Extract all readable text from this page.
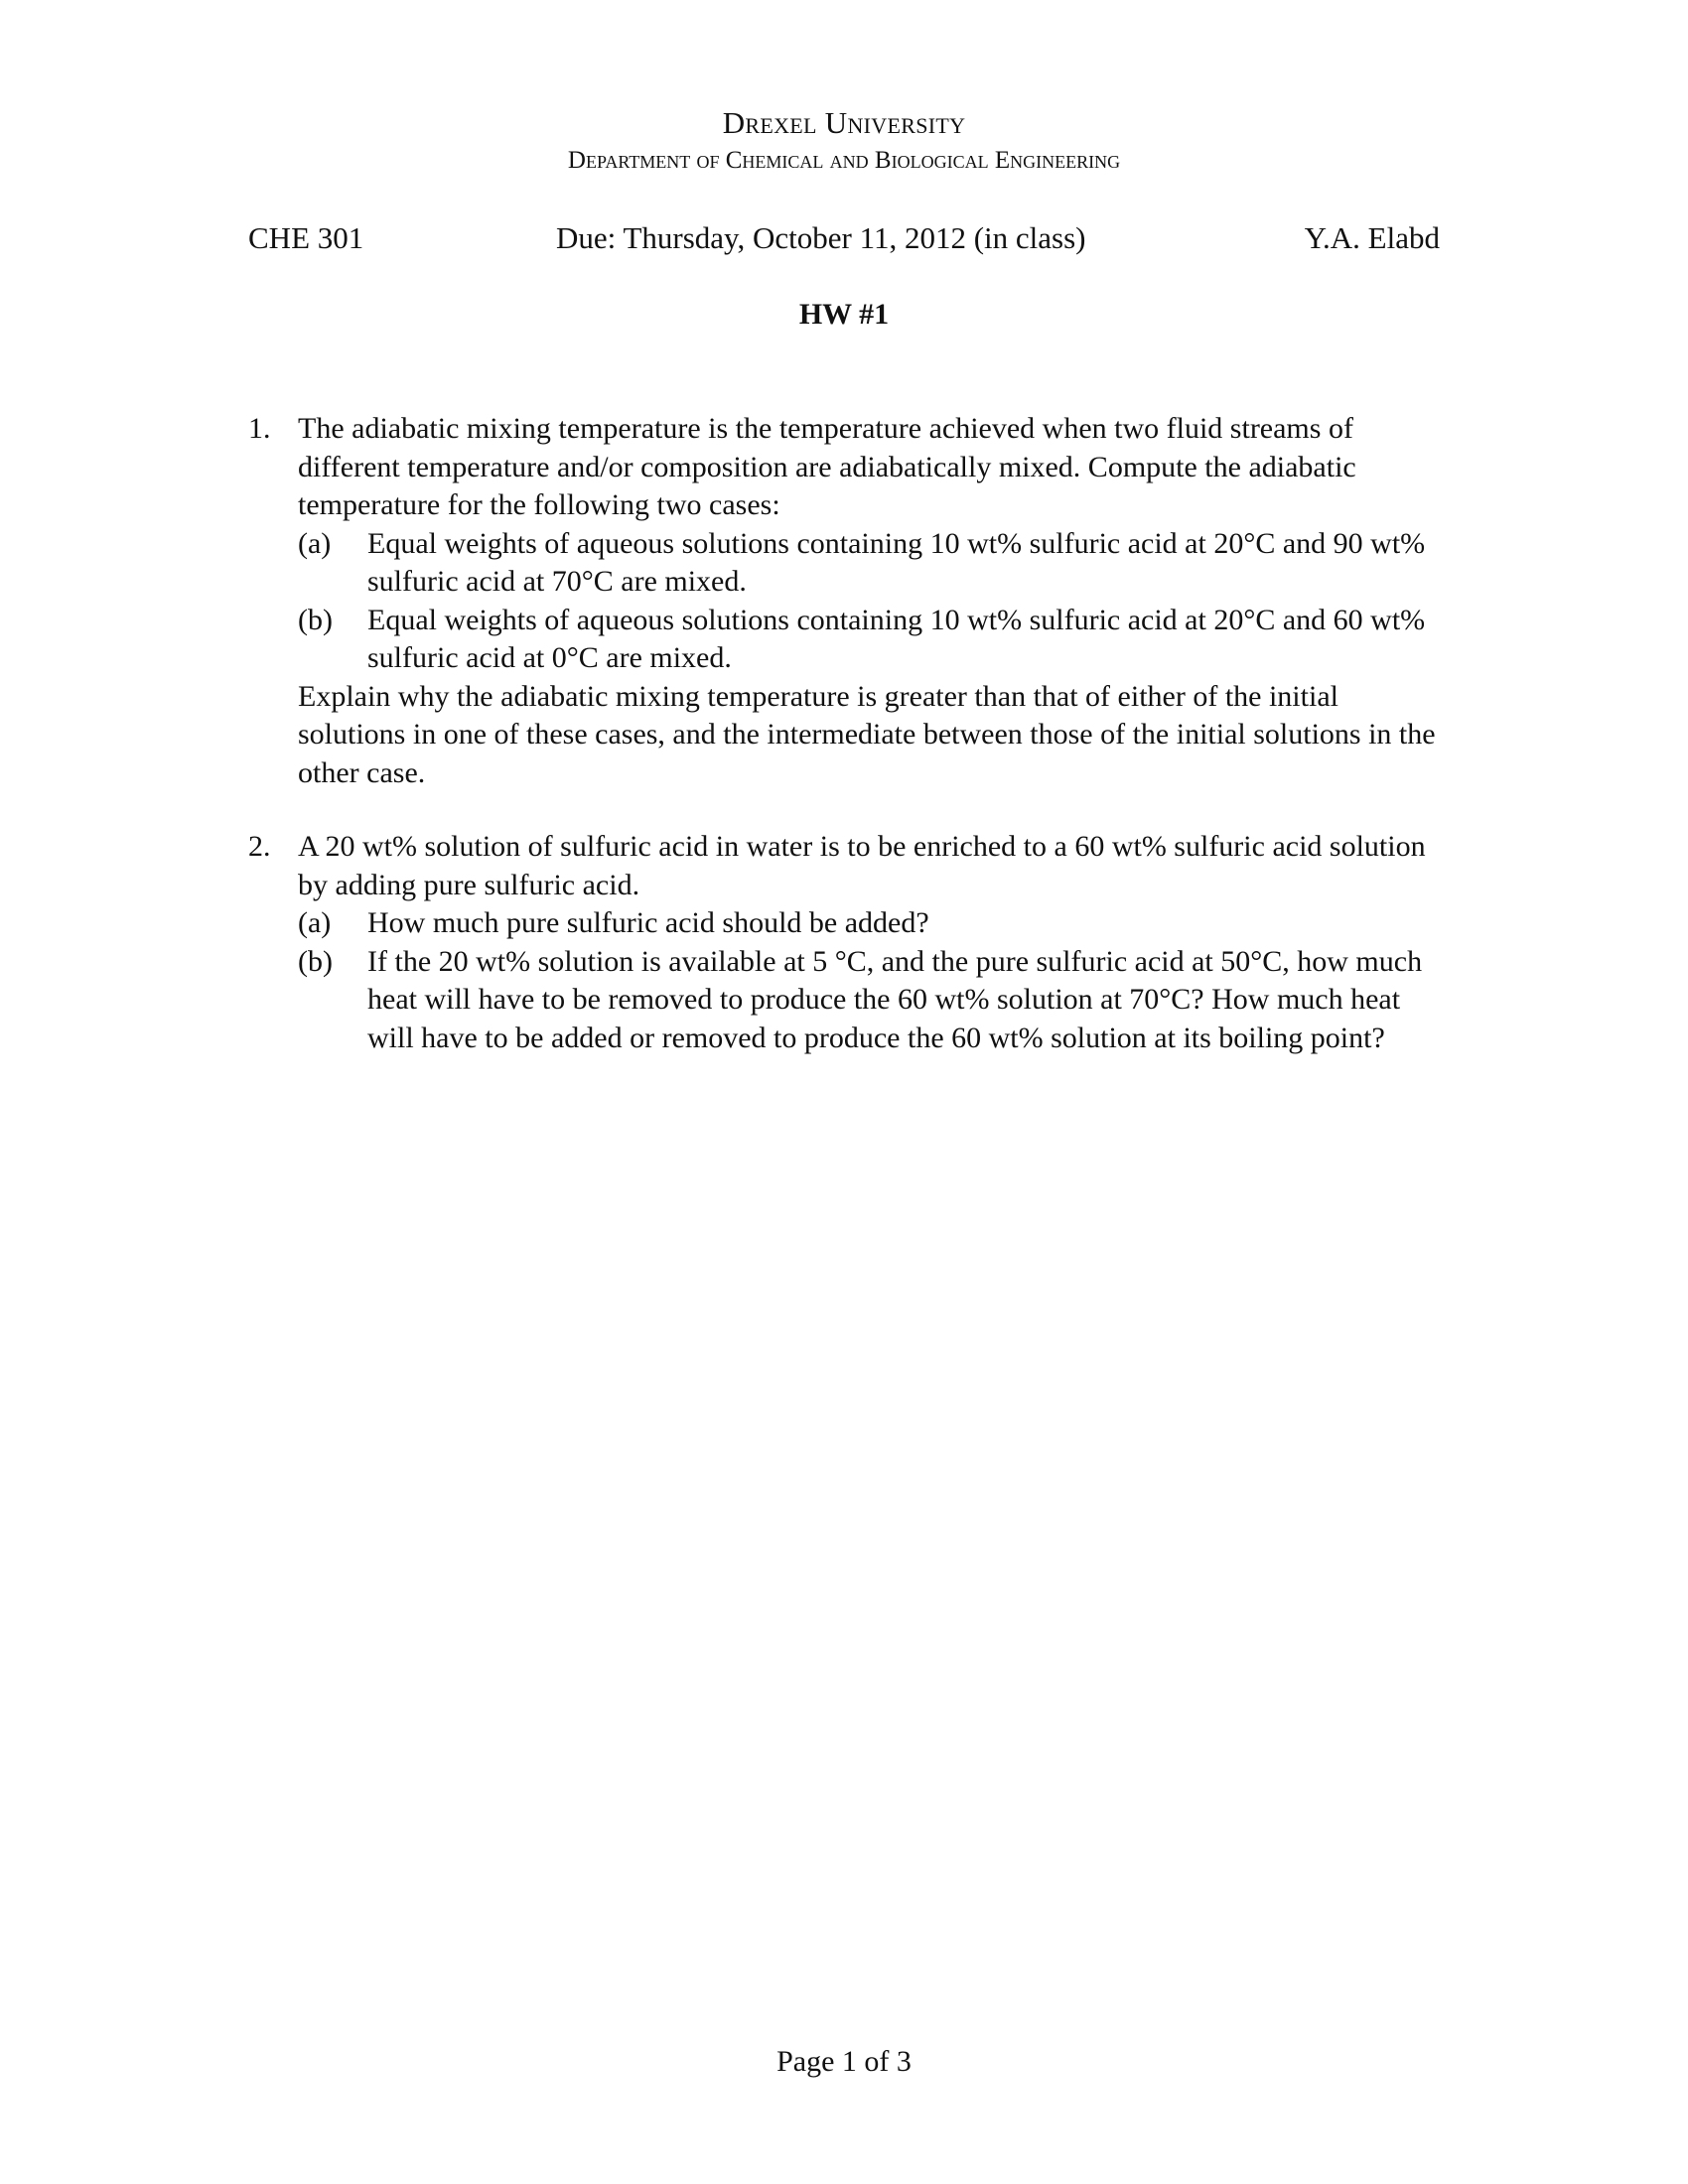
Drexel University
Department of Chemical and Biological Engineering
CHE 301	Due: Thursday, October 11, 2012 (in class)	Y.A. Elabd
HW #1
1. The adiabatic mixing temperature is the temperature achieved when two fluid streams of different temperature and/or composition are adiabatically mixed. Compute the adiabatic temperature for the following two cases:
(a) Equal weights of aqueous solutions containing 10 wt% sulfuric acid at 20°C and 90 wt% sulfuric acid at 70°C are mixed.
(b) Equal weights of aqueous solutions containing 10 wt% sulfuric acid at 20°C and 60 wt% sulfuric acid at 0°C are mixed.
Explain why the adiabatic mixing temperature is greater than that of either of the initial solutions in one of these cases, and the intermediate between those of the initial solutions in the other case.
2. A 20 wt% solution of sulfuric acid in water is to be enriched to a 60 wt% sulfuric acid solution by adding pure sulfuric acid.
(a) How much pure sulfuric acid should be added?
(b) If the 20 wt% solution is available at 5 °C, and the pure sulfuric acid at 50°C, how much heat will have to be removed to produce the 60 wt% solution at 70°C? How much heat will have to be added or removed to produce the 60 wt% solution at its boiling point?
Page 1 of 3
